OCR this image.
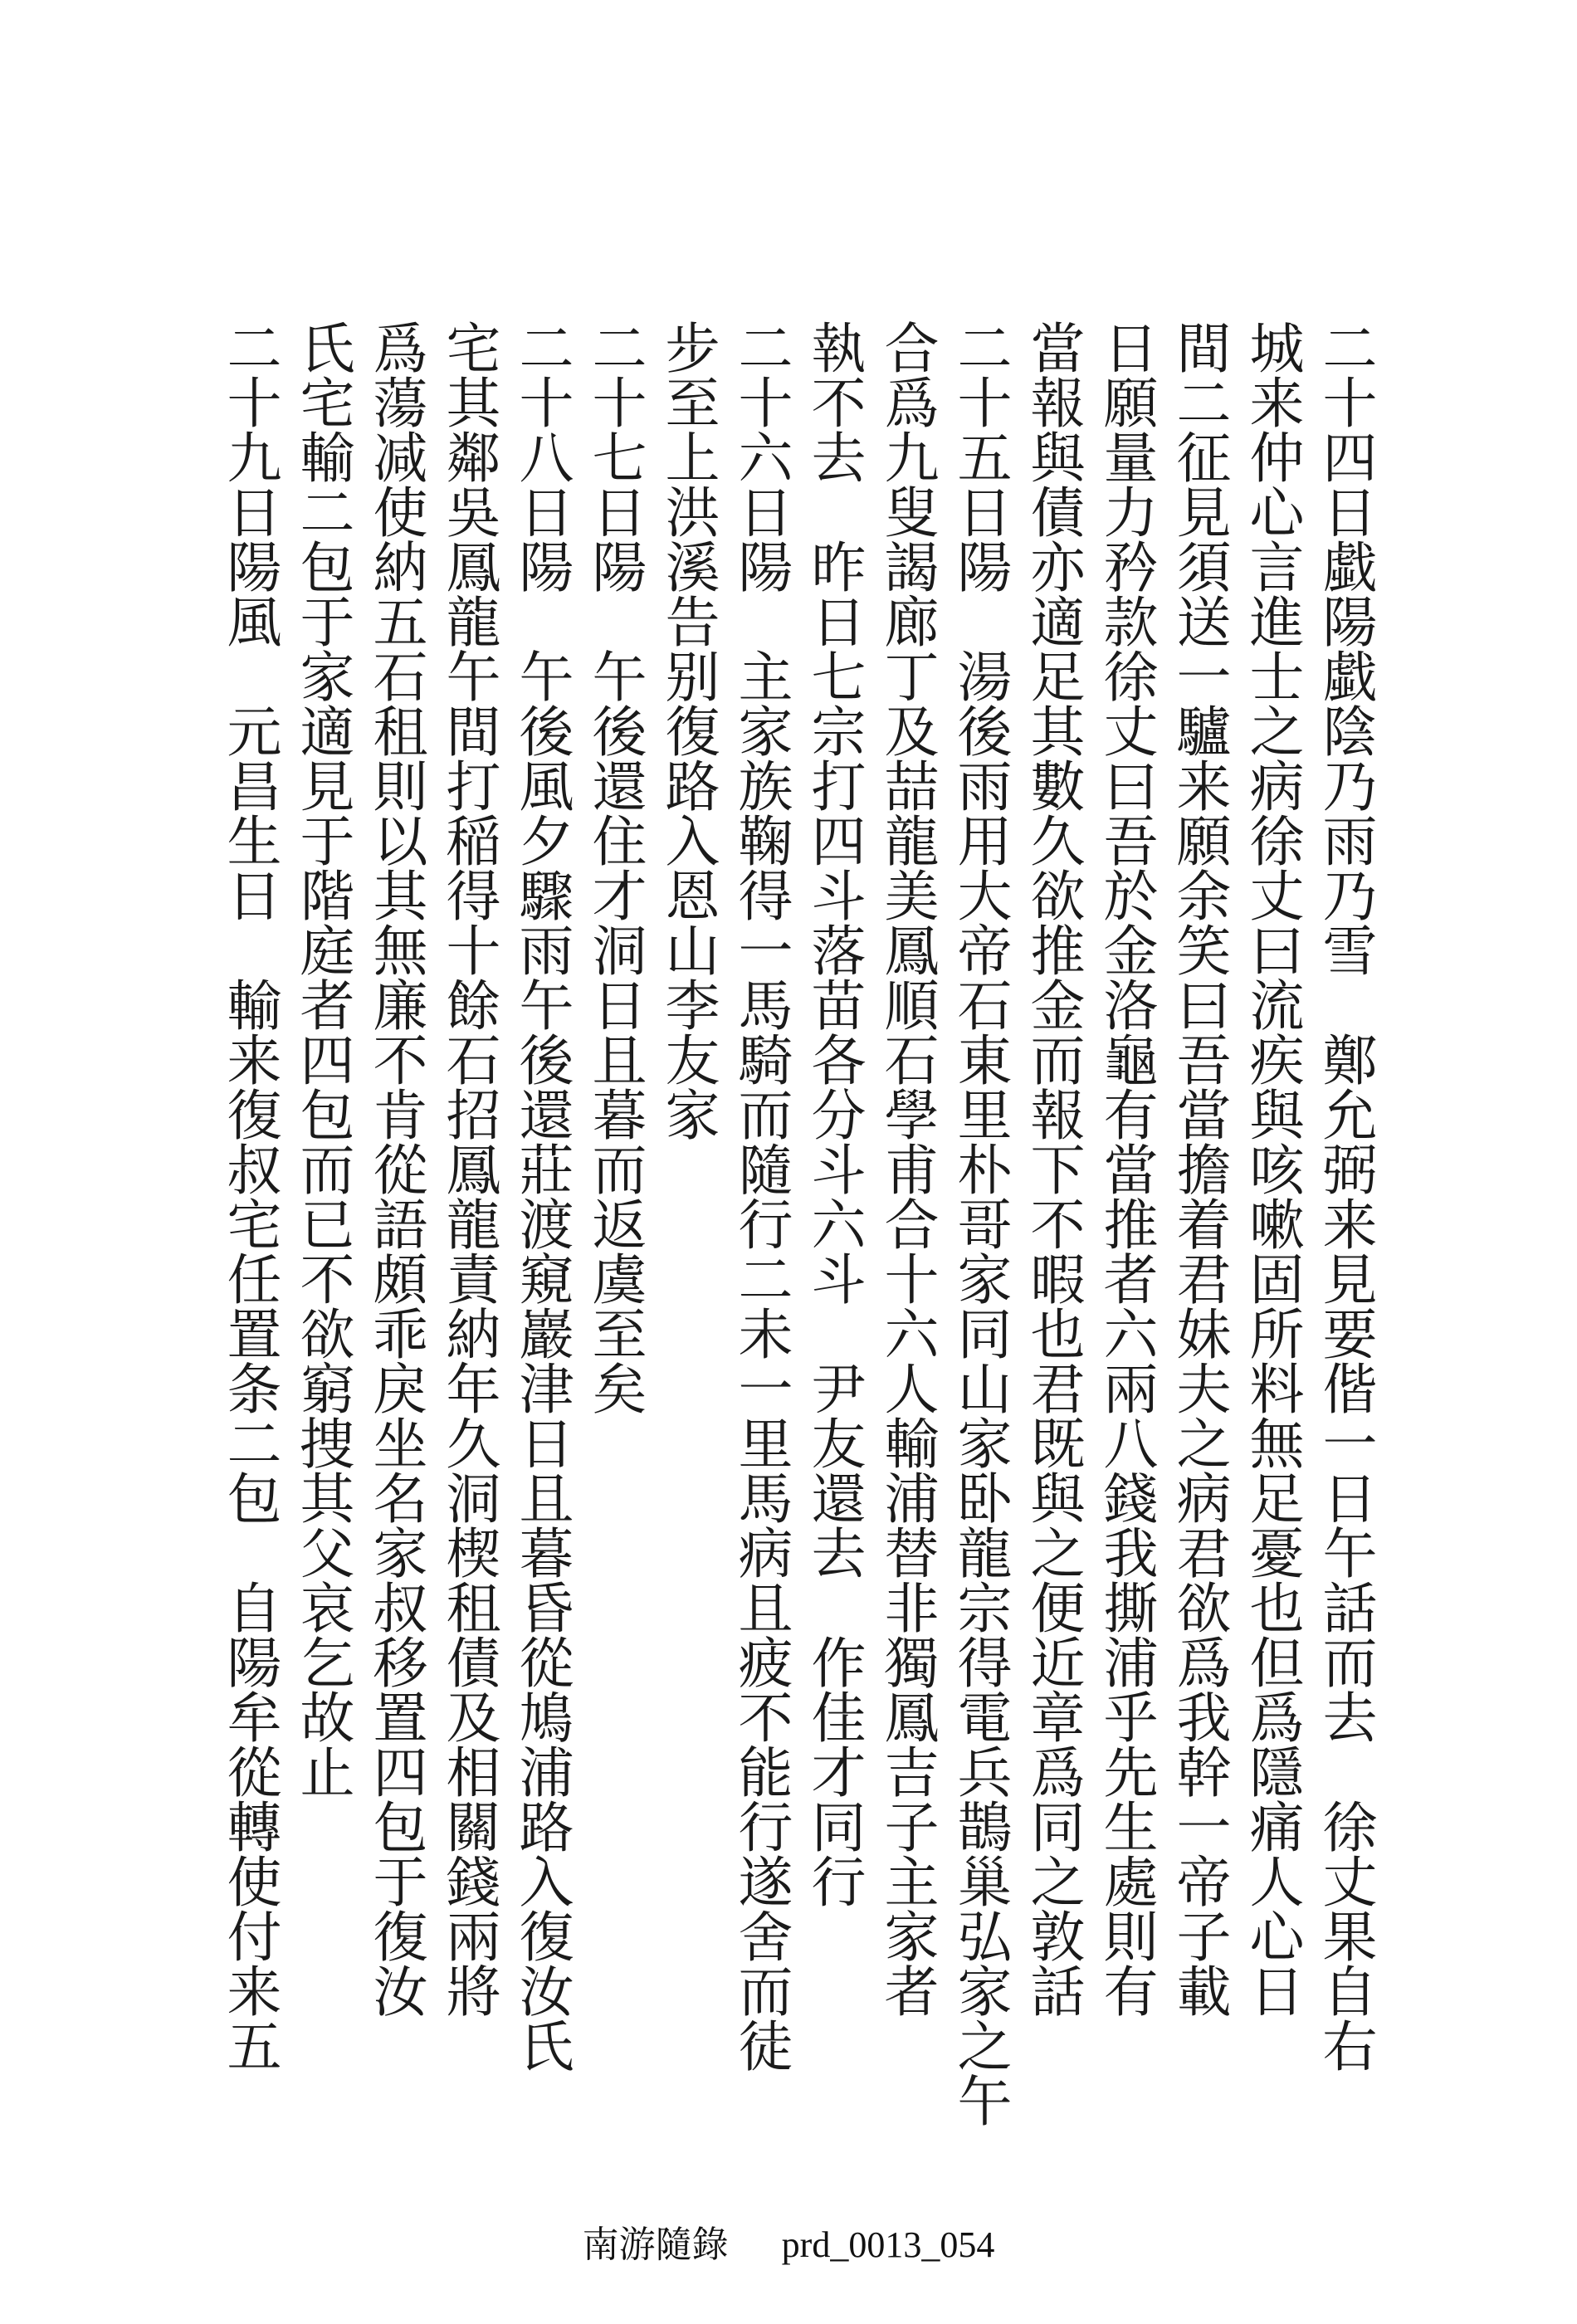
二十四日戱陽戱陰乃雨乃雪　鄭允弼来見要偕一日午話而去　徐丈果自右
城来仲心言進士之病徐丈曰流疾與咳嗽固所料無足憂也但爲隱痛人心日
間二征見須送一驢来願余笑曰吾當擔着君妹夫之病君欲爲我幹一帝子載
日願量力矜款徐丈曰吾於金洛龜有當推者六兩八錢我撕浦乎先生處則有
當報與債亦適足其數久欲推金而報下不暇也君既與之便近章爲同之敦話
二十五日陽　湯後雨用大帝石東里朴哥家同山家卧龍宗得電兵鵲巢弘家之午
合爲九叟謁廊丁及喆龍美鳳順石學甫合十六人輸浦替非獨鳳吉子主家者
執不去　昨日七宗打四斗落苗各分斗六斗　尹友還去　作佳才同行
二十六日陽　主家族鞠得一馬騎而隨行二未一里馬病且疲不能行遂舍而徒
步至上洪溪告别復路入恩山李友家
二十七日陽　午後還住才洞日且暮而返虞至矣
二十八日陽　午後風夕驟雨午後還莊渡窺巖津日且暮昏從鳩浦路入復汝氏
宅其鄰吳鳳龍午間打稲得十餘石招鳳龍責納年久洞楔租債及相關錢兩將
爲蕩减使納五石租則以其無廉不肯從語頗乖戾坐名家叔移置四包于復汝
氏宅輸二包于家適見于階庭者四包而已不欲窮捜其父哀乞故止
二十九日陽風　元昌生日　輸来復叔宅任置条二包　自陽牟從轉使付来五
南游隨錄 prd_0013_054
